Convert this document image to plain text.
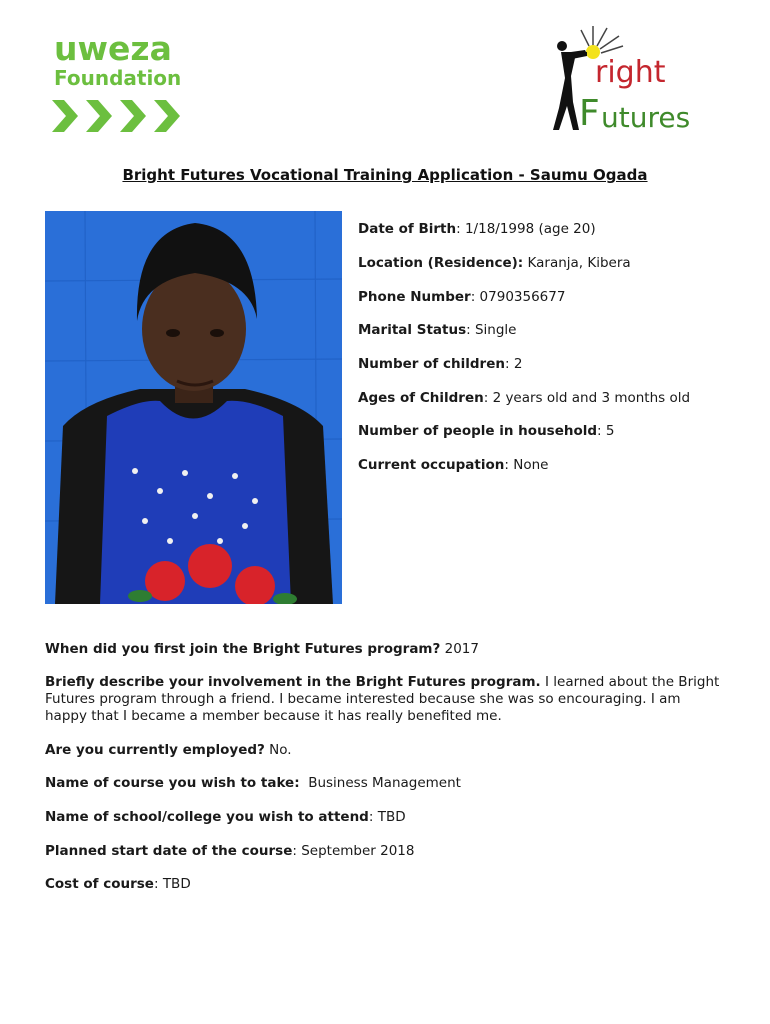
uweza
Foundation	right
F utures
Bright Futures Vocational Training Application - Saumu Ogada
Date of Birth: 1/18/1998 (age 20)
Location (Residence): Karanja, Kibera
Phone Number: 0790356677
Marital Status: Single
Number of children: 2
Ages of Children: 2 years old and 3 months old
Number of people in household: 5
Current occupation: None
When did you first join the Bright Futures program? 2017
Briefly describe your involvement in the Bright Futures program. I learned about the Bright Futures program through a friend. I became interested because she was so encouraging. I am happy that I became a member because it has really benefited me.
Are you currently employed? No.
Name of course you wish to take: Business Management
Name of school/college you wish to attend: TBD
Planned start date of the course: September 2018
Cost of course: TBD
